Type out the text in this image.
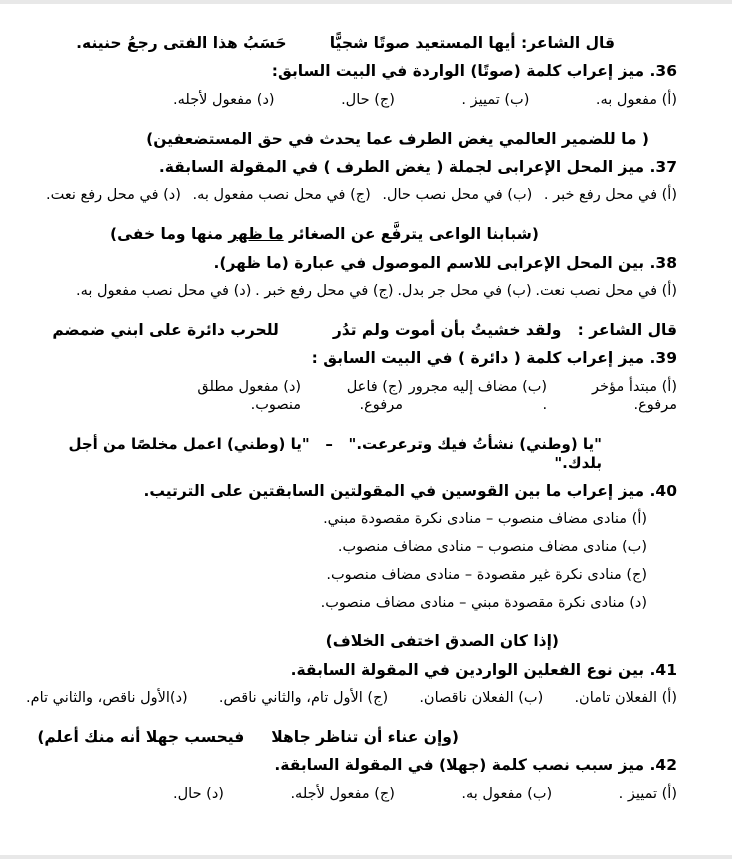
قال الشاعر: أيها المستعيد صوتًا شجيًّا        حَسَبُ هذا الفتى رجعُ حنينه.

36. ميز إعراب كلمة (صوتًا) الواردة في البيت السابق:

(أ) مفعول به.
(ب) تمييز .
(ج) حال.
(د) مفعول لأجله.

( ما للضمير العالمي يغض الطرف عما يحدث في حق المستضعفين)

37. ميز المحل الإعرابى لجملة ( يغض الطرف ) في المقولة السابقة.

(أ) في محل رفع خبر .
(ب) في محل نصب حال.
(ج) في محل نصب مفعول به.
(د) في محل رفع نعت.

(شبابنا الواعى يترفَّع عن الصغائر ما ظهر منها وما خفى)

38. بين المحل الإعرابى للاسم الموصول في عبارة (ما ظهر).

(أ) في محل نصب نعت.
(ب) في محل جر بدل.
(ج) في محل رفع خبر .
(د) في محل نصب مفعول به.

قال الشاعر :   ولقد خشيتُ بأن أموت ولم تدُر          للحرب دائرة على ابني ضمضم

39. ميز إعراب كلمة ( دائرة ) في البيت السابق :

(أ) مبتدأ مؤخر مرفوع.
(ب) مضاف إليه مجرور .
(ج) فاعل مرفوع.
(د) مفعول مطلق منصوب.

"يا (وطني) نشأتُ فيك وترعرعت."   –   "يا (وطني) اعمل مخلصًا من أجل بلدك."

40. ميز إعراب ما بين القوسين في المقولتين السابقتين على الترتيب.

(أ) منادى مضاف منصوب – منادى نكرة مقصودة مبني.

(ب) منادى مضاف منصوب – منادى مضاف منصوب.

(ج) منادى نكرة غير مقصودة – منادى مضاف منصوب.

(د) منادى نكرة مقصودة مبني – منادى مضاف منصوب.

(إذا كان الصدق اختفى الخلاف)

41. بين نوع الفعلين الواردين في المقولة السابقة.

(أ) الفعلان تامان.
(ب) الفعلان ناقصان.
(ج) الأول تام، والثاني ناقص.
(د)الأول ناقص، والثاني تام.

(وإن عناء أن تناظر جاهلا     فيحسب جهلا أنه منك أعلم)

42. ميز سبب نصب كلمة (جهلا) في المقولة السابقة.

(أ) تمييز .
(ب) مفعول به.
(ج) مفعول لأجله.
(د) حال.
